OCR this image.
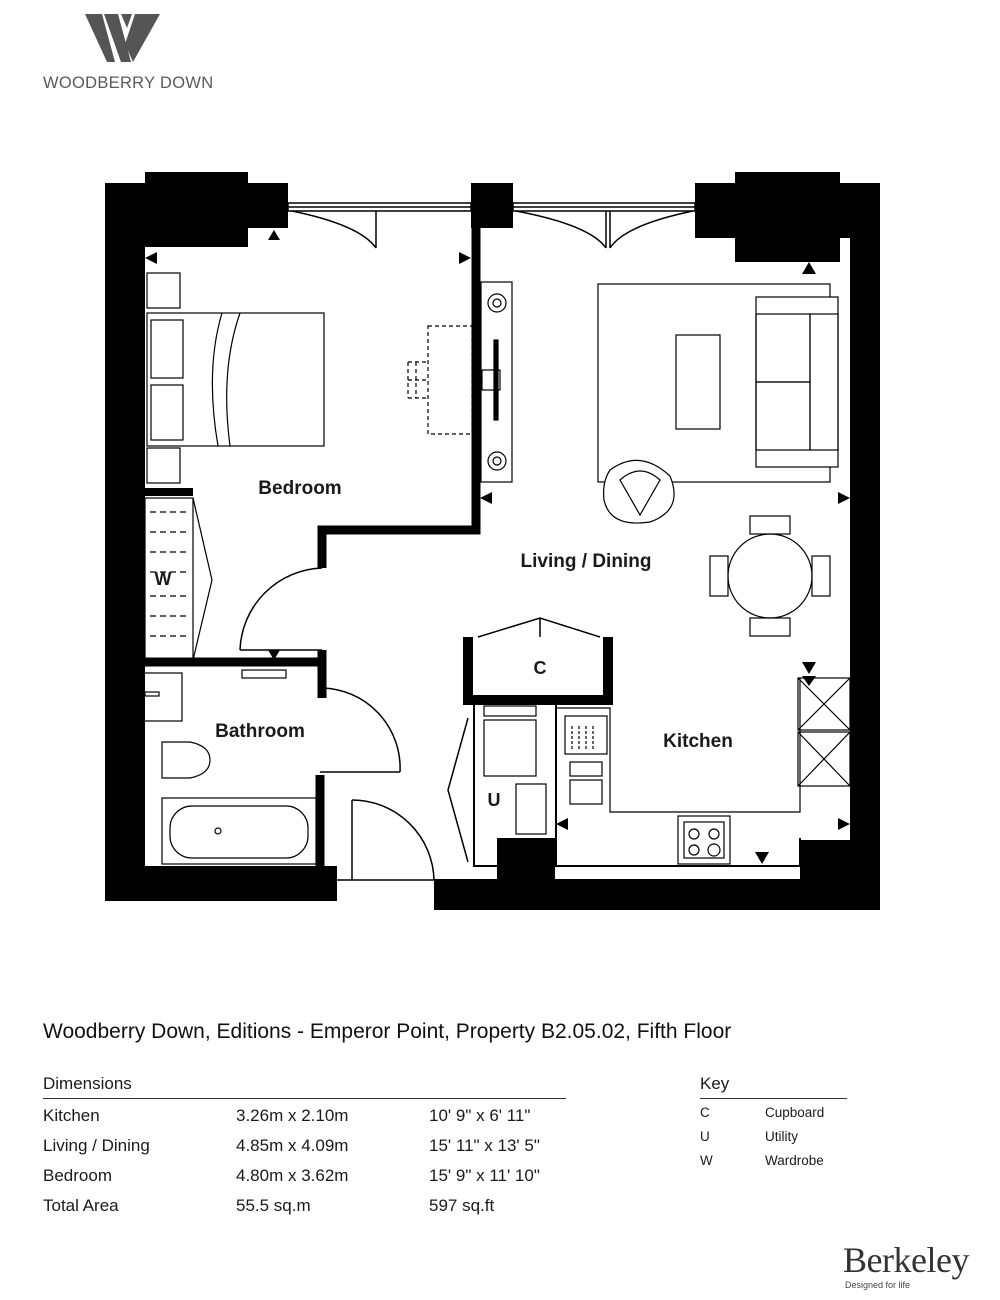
WOODBERRY DOWN
Bedroom
Living / Dining
Bathroom	Kitchen
W
C
U
Woodberry Down, Editions - Emperor Point, Property B2.05.02, Fifth Floor
Dimensions
Kitchen	3.26m x 2.10m	10' 9" x 6' 11"
Living / Dining	4.85m x 4.09m	15' 11" x 13' 5"
Bedroom	4.80m x 3.62m	15' 9" x 11' 10"
Total Area	55.5 sq.m	597 sq.ft
Key
C	Cupboard
U	Utility
W	Wardrobe
Berkeley
Designed for life
